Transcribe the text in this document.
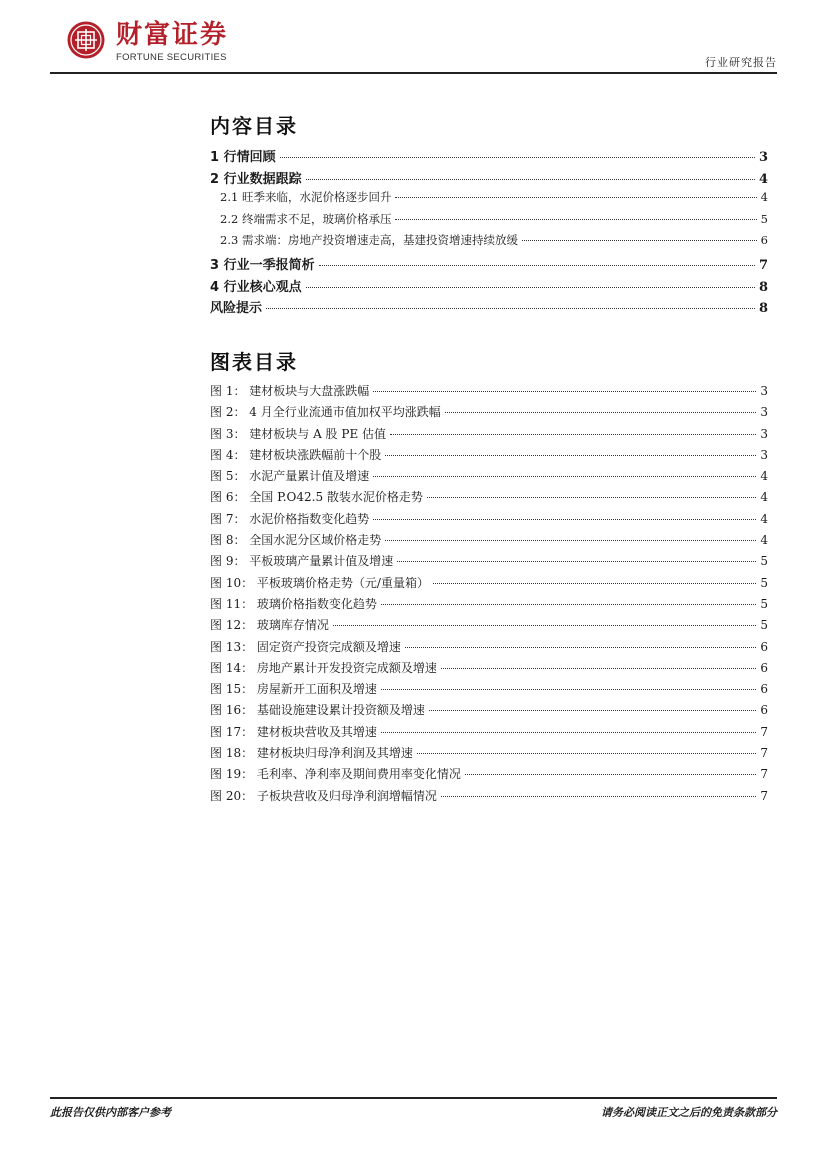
财富证券
FORTUNE SECURITIES	行业研究报告
内容目录
1 行情回顾	3
2 行业数据跟踪	4
2.1 旺季来临，水泥价格逐步回升	4
2.2 终端需求不足，玻璃价格承压	5
2.3 需求端：房地产投资增速走高，基建投资增速持续放缓	6
3 行业一季报简析	7
4 行业核心观点	8
风险提示	8
图表目录
图 1： 建材板块与大盘涨跌幅	3
图 2： 4 月全行业流通市值加权平均涨跌幅	3
图 3： 建材板块与 A 股 PE 估值	3
图 4： 建材板块涨跌幅前十个股	3
图 5： 水泥产量累计值及增速	4
图 6： 全国 P.O42.5 散装水泥价格走势	4
图 7： 水泥价格指数变化趋势	4
图 8： 全国水泥分区域价格走势	4
图 9： 平板玻璃产量累计值及增速	5
图 10： 平板玻璃价格走势（元/重量箱）	5
图 11： 玻璃价格指数变化趋势	5
图 12： 玻璃库存情况	5
图 13： 固定资产投资完成额及增速	6
图 14： 房地产累计开发投资完成额及增速	6
图 15： 房屋新开工面积及增速	6
图 16： 基础设施建设累计投资额及增速	6
图 17： 建材板块营收及其增速	7
图 18： 建材板块归母净利润及其增速	7
图 19： 毛利率、净利率及期间费用率变化情况	7
图 20： 子板块营收及归母净利润增幅情况	7
此报告仅供内部客户参考	请务必阅读正文之后的免责条款部分
